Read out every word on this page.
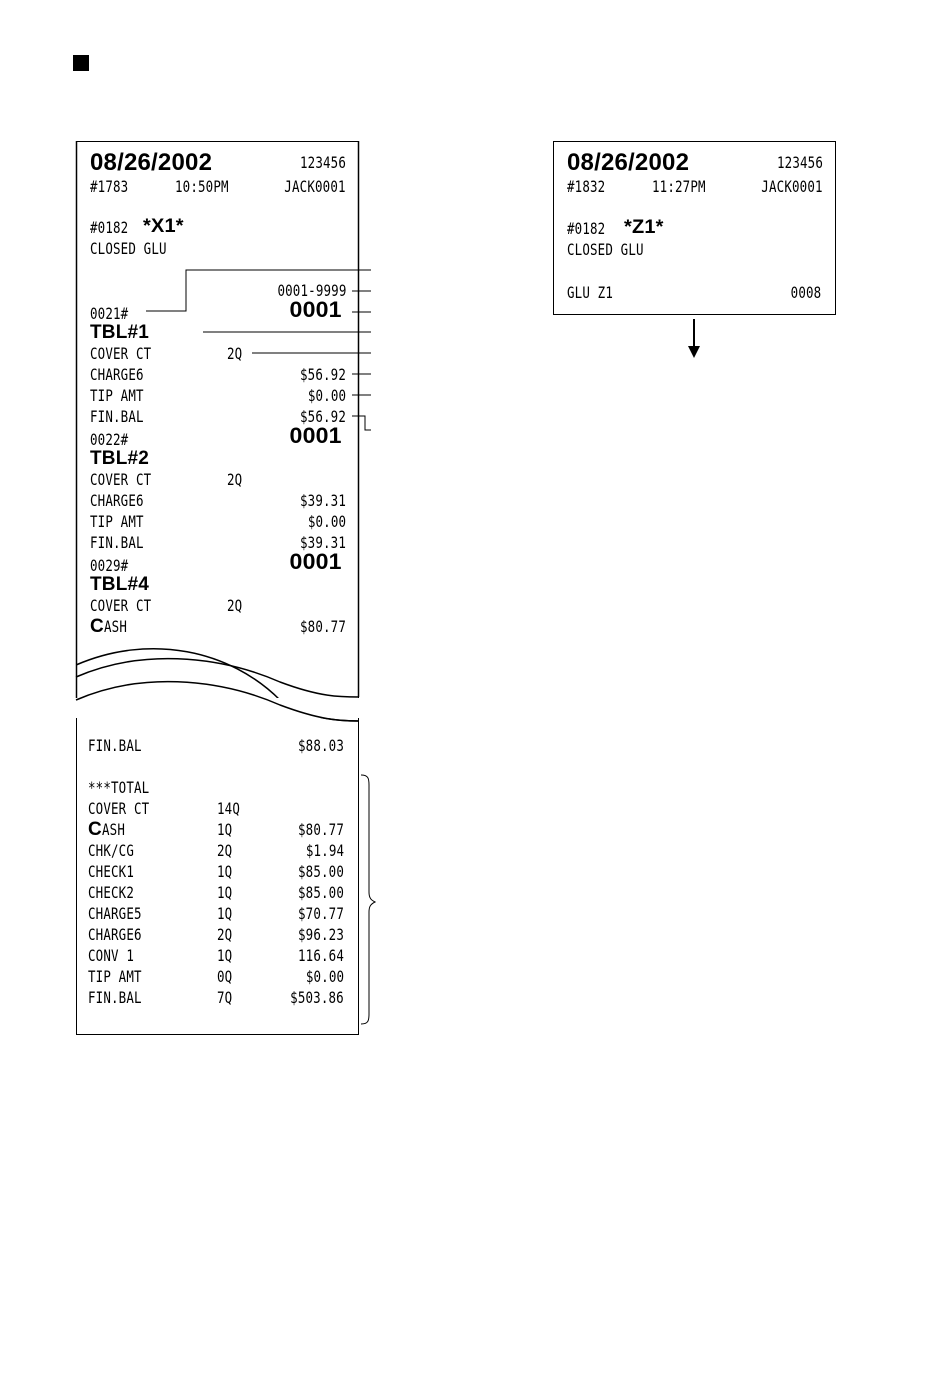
08/26/2002	123456
#1783	10:50PM	JACK0001
#0182 *X1*
CLOSED GLU
0001-9999
0021#	0001
TBL#1
COVER CT	2Q
CHARGE6	$56.92
TIP AMT	$0.00
FIN.BAL	$56.92
0022#	0001
TBL#2
COVER CT	2Q
CHARGE6	$39.31
TIP AMT	$0.00
FIN.BAL	$39.31
0029#	0001
TBL#4
COVER CT	2Q
CASH	$80.77
FIN.BAL	$88.03
***TOTAL
COVER CT	14Q
CASH	1Q	$80.77
CHK/CG	2Q	$1.94
CHECK1	1Q	$85.00
CHECK2	1Q	$85.00
CHARGE5	1Q	$70.77
CHARGE6	2Q	$96.23
CONV 1	1Q	116.64
TIP AMT	0Q	$0.00
FIN.BAL	7Q	$503.86
08/26/2002	123456
#1832	11:27PM	JACK0001
#0182 *Z1*
CLOSED GLU
GLU Z1	0008
